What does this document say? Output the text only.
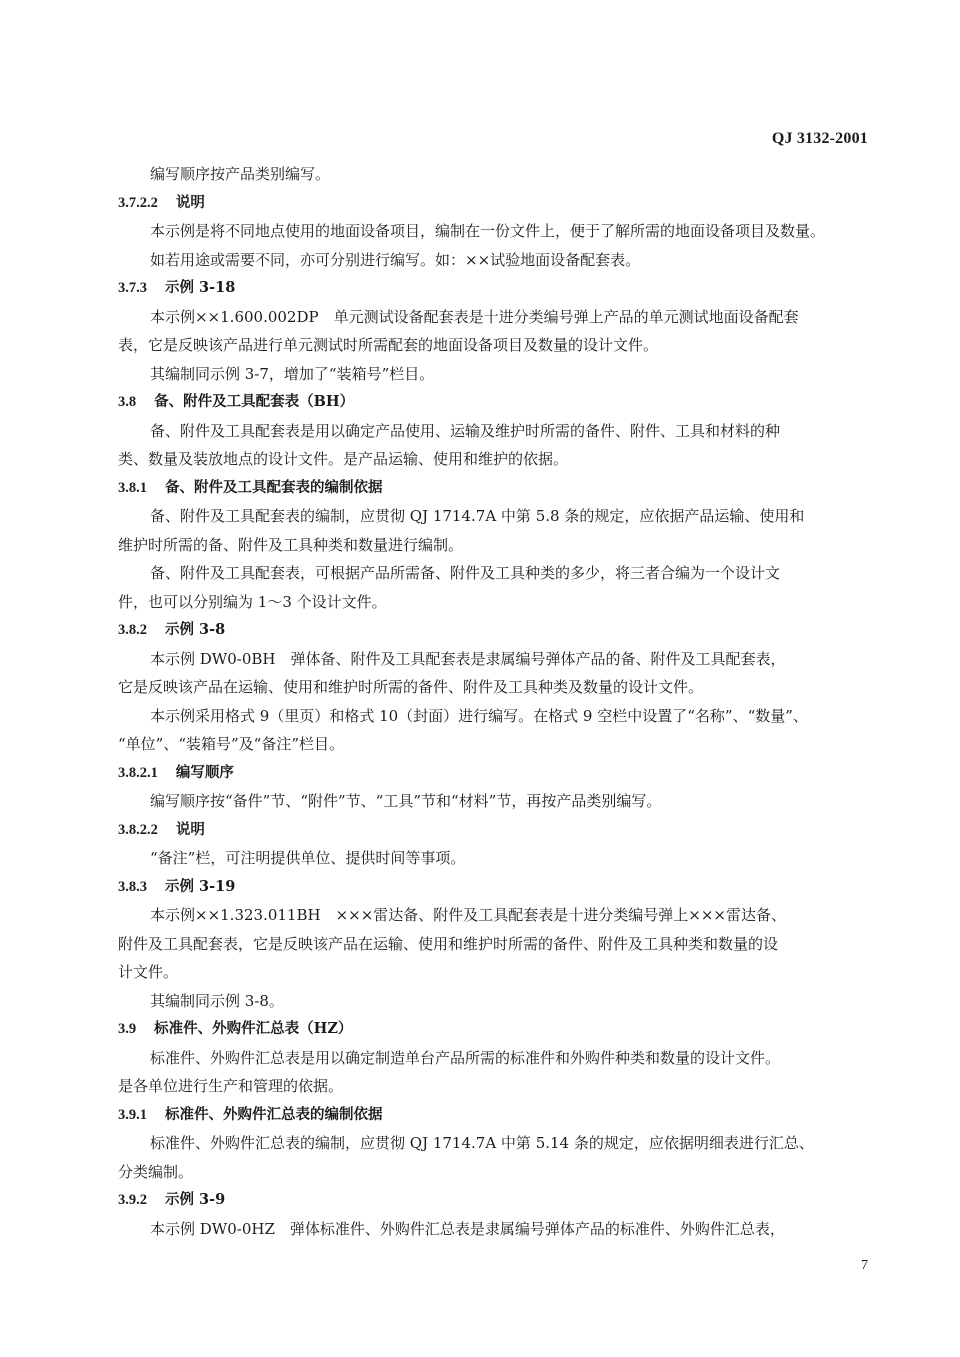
QJ 3132-2001
编写顺序按产品类别编写。
3.7.2.2 说明
本示例是将不同地点使用的地面设备项目，编制在一份文件上，便于了解所需的地面设备项目及数量。
如若用途或需要不同，亦可分别进行编写。如：××试验地面设备配套表。
3.7.3 示例 3-18
本示例××1.600.002DP　单元测试设备配套表是十进分类编号弹上产品的单元测试地面设备配套
表，它是反映该产品进行单元测试时所需配套的地面设备项目及数量的设计文件。
其编制同示例 3-7，增加了“装箱号”栏目。
3.8 备、附件及工具配套表（BH）
备、附件及工具配套表是用以确定产品使用、运输及维护时所需的备件、附件、工具和材料的种
类、数量及装放地点的设计文件。是产品运输、使用和维护的依据。
3.8.1 备、附件及工具配套表的编制依据
备、附件及工具配套表的编制，应贯彻 QJ 1714.7A 中第 5.8 条的规定，应依据产品运输、使用和
维护时所需的备、附件及工具种类和数量进行编制。
备、附件及工具配套表，可根据产品所需备、附件及工具种类的多少，将三者合编为一个设计文
件，也可以分别编为 1～3 个设计文件。
3.8.2 示例 3-8
本示例 DW0-0BH　弹体备、附件及工具配套表是隶属编号弹体产品的备、附件及工具配套表，
它是反映该产品在运输、使用和维护时所需的备件、附件及工具种类及数量的设计文件。
本示例采用格式 9（里页）和格式 10（封面）进行编写。在格式 9 空栏中设置了“名称”、“数量”、
“单位”、“装箱号”及“备注”栏目。
3.8.2.1 编写顺序
编写顺序按“备件”节、“附件”节、“工具”节和“材料”节，再按产品类别编写。
3.8.2.2 说明
“备注”栏，可注明提供单位、提供时间等事项。
3.8.3 示例 3-19
本示例××1.323.011BH　×××雷达备、附件及工具配套表是十进分类编号弹上×××雷达备、
附件及工具配套表，它是反映该产品在运输、使用和维护时所需的备件、附件及工具种类和数量的设
计文件。
其编制同示例 3-8。
3.9 标准件、外购件汇总表（HZ）
标准件、外购件汇总表是用以确定制造单台产品所需的标准件和外购件种类和数量的设计文件。
是各单位进行生产和管理的依据。
3.9.1 标准件、外购件汇总表的编制依据
标准件、外购件汇总表的编制，应贯彻 QJ 1714.7A 中第 5.14 条的规定，应依据明细表进行汇总、
分类编制。
3.9.2 示例 3-9
本示例 DW0-0HZ　弹体标准件、外购件汇总表是隶属编号弹体产品的标准件、外购件汇总表，
7
